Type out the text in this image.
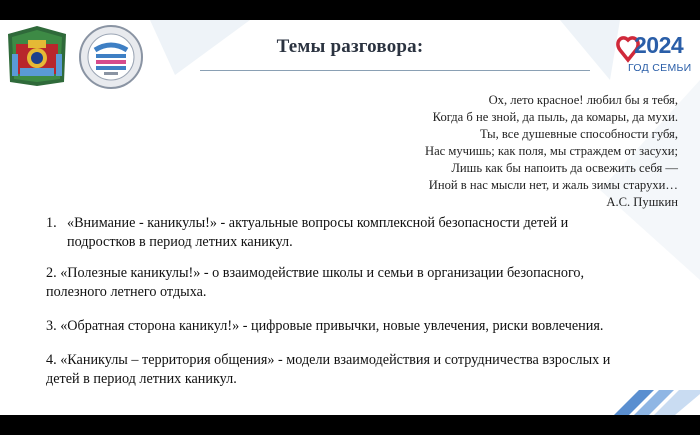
Темы разговора:	2024
ГОД СЕМЬИ
Ох, лето красное! любил бы я тебя,
Когда б не зной, да пыль, да комары, да мухи.
Ты, все душевные способности губя,
Нас мучишь; как поля, мы страждем от засухи;
Лишь как бы напоить да освежить себя —
Иной в нас мысли нет, и жаль зимы старухи…
А.С. Пушкин
1. «Внимание - каникулы!» - актуальные вопросы комплексной безопасности детей и
подростков в период летних каникул.
2. «Полезные каникулы!» - о взаимодействие школы и семьи в организации безопасного,
полезного летнего отдыха.
3. «Обратная сторона каникул!» - цифровые привычки, новые увлечения, риски вовлечения.
4. «Каникулы – территория общения» - модели взаимодействия и сотрудничества взрослых и
детей в период летних каникул.
